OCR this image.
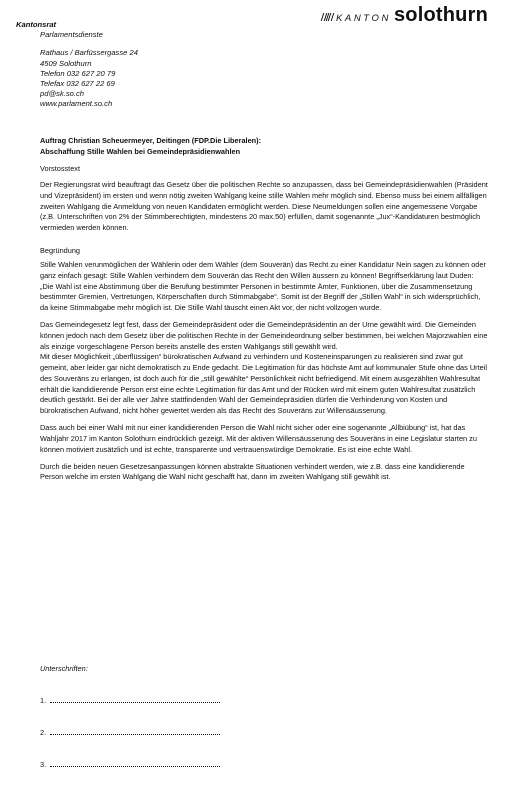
KANTON solothurn
Kantonsrat
Parlamentsdienste
Rathaus / Barfüssergasse 24
4509 Solothurn
Telefon 032 627 20 79
Telefax 032 627 22 69
pd@sk.so.ch
www.parlament.so.ch
Auftrag Christian Scheuermeyer, Deitingen (FDP.Die Liberalen):
Abschaffung Stille Wahlen bei Gemeindepräsidienwahlen
Vorstosstext

Der Regierungsrat wird beauftragt das Gesetz über die politischen Rechte so anzupassen, dass bei Gemeindepräsidienwahlen (Präsident und Vizepräsident) im ersten und wenn nötig zweiten Wahlgang keine stille Wahlen mehr möglich sind. Ebenso muss bei einem allfälligen zweiten Wahlgang die Anmeldung von neuen Kandidaten ermöglicht werden. Diese Neumeldungen sollen eine angemessene Vorgabe (z.B. Unterschriften von 2% der Stimmberechtigten, mindestens 20 max.50) erfüllen, damit sogenannte „Jux“-Kandidaturen bestmöglich vermieden werden können.

Begründung

Stille Wahlen verunmöglichen der Wählerin oder dem Wähler (dem Souverän) das Recht zu einer Kandidatur Nein sagen zu können oder ganz einfach gesagt: Stille Wahlen verhindern dem Souverän das Recht den Willen äussern zu können! Begriffserklärung laut Duden: „Die Wahl ist eine Abstimmung über die Berufung bestimmter Personen in bestimmte Ämter, Funktionen, über die Zusammensetzung bestimmter Gremien, Vertretungen, Körperschaften durch Stimmabgabe“. Somit ist der Begriff der „Stillen Wahl“ in sich widersprüchlich, da keine Stimmabgabe mehr möglich ist. Die Stille Wahl täuscht einen Akt vor, der nicht vollzogen wurde.

Das Gemeindegesetz legt fest, dass der Gemeindepräsident oder die Gemeindepräsidentin an der Urne gewählt wird. Die Gemeinden können jedoch nach dem Gesetz über die politischen Rechte in der Gemeindeordnung selber bestimmen, bei welchen Majorzwahlen eine als einzige vorgeschlagene Person bereits anstelle des ersten Wahlgangs still gewählt wird.

Mit dieser Möglichkeit „überflüssigen“ bürokratischen Aufwand zu verhindern und Kosteneinsparungen zu realisieren sind zwar gut gemeint, aber leider gar nicht demokratisch zu Ende gedacht. Die Legitimation für das höchste Amt auf kommunaler Stufe ohne das Urteil des Souveräns zu erlangen, ist doch auch für die „still gewählte“ Persönlichkeit nicht befriedigend. Mit einem ausgezählten Wahlresultat erhält die kandidierende Person erst eine echte Legitimation für das Amt und der Rücken wird mit einem guten Wahlresultat zusätzlich deutlich gestärkt. Bei der alle vier Jahre stattfindenden Wahl der Gemeindepräsidien dürfen die Verhinderung von Kosten und bürokratischen Aufwand, nicht höher gewertet werden als das Recht des Souveräns zur Willensäusserung.

Dass auch bei einer Wahl mit nur einer kandidierenden Person die Wahl nicht sicher oder eine sogenannte „Allbiübung“ ist, hat das Wahljahr 2017 im Kanton Solothurn eindrücklich gezeigt. Mit der aktiven Willensäusserung des Souveräns in eine Legislatur starten zu können motiviert zusätzlich und ist echte, transparente und vertrauenswürdige Demokratie. Es ist eine echte Wahl.

Durch die beiden neuen Gesetzesanpassungen können abstrakte Situationen verhindert werden, wie z.B. dass eine kandidierende Person welche im ersten Wahlgang die Wahl nicht geschafft hat, dann im zweiten Wahlgang still gewählt ist.

Unterschriften:
1.
2.
3.
